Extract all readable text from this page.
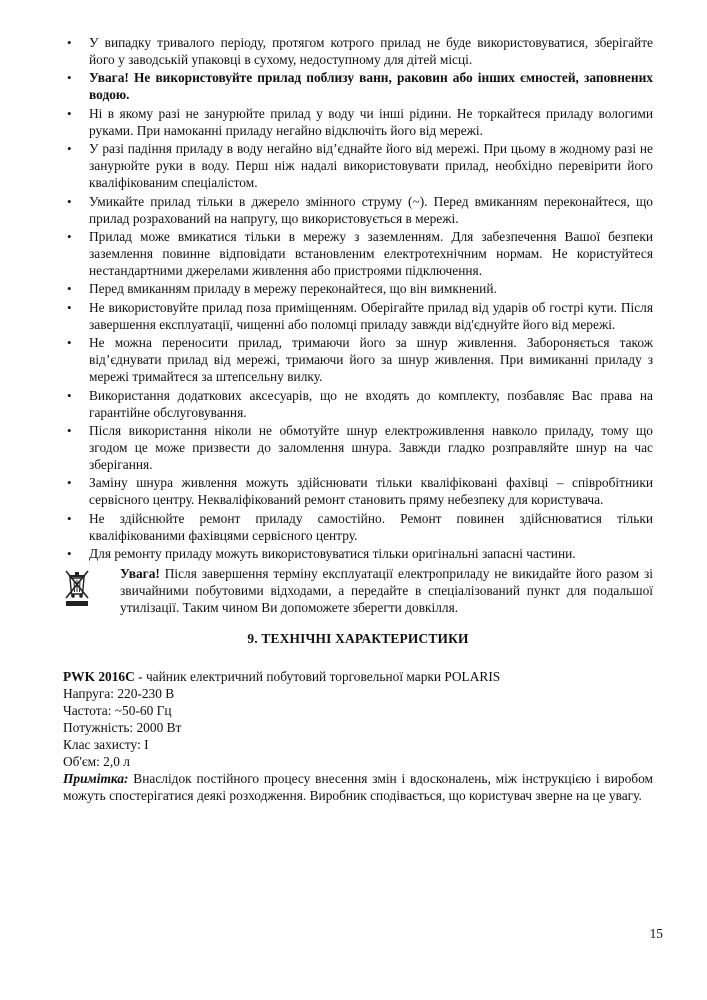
• У випадку тривалого періоду, протягом котрого прилад не буде використовуватися, зберігайте його у заводській упаковці в сухому, недоступному для дітей місці.
• Увага! Не використовуйте прилад поблизу ванн, раковин або інших ємностей, заповнених водою.
• Ні в якому разі не занурюйте прилад у воду чи інші рідини. Не торкайтеся приладу вологими руками. При намоканні приладу негайно відключіть його від мережі.
• У разі падіння приладу в воду негайно від’єднайте його від мережі. При цьому в жодному разі не занурюйте руки в воду. Перш ніж надалі використовувати прилад, необхідно перевірити його кваліфікованим спеціалістом.
• Умикайте прилад тільки в джерело змінного струму (~). Перед вмиканням переконайтеся, що прилад розрахований на напругу, що використовується в мережі.
• Прилад може вмикатися тільки в мережу з заземленням. Для забезпечення Вашої безпеки заземлення повинне відповідати встановленим електротехнічним нормам. Не користуйтеся нестандартними джерелами живлення або пристроями підключення.
• Перед вмиканням приладу в мережу переконайтеся, що він вимкнений.
• Не використовуйте прилад поза приміщенням. Оберігайте прилад від ударів об гострі кути. Після завершення експлуатації, чищенні або поломці приладу завжди від'єднуйте його від мережі.
• Не можна переносити прилад, тримаючи його за шнур живлення. Забороняється також від’єднувати прилад від мережі, тримаючи його за шнур живлення. При вимиканні приладу з мережі тримайтеся за штепсельну вилку.
• Використання додаткових аксесуарів, що не входять до комплекту, позбавляє Вас права на гарантійне обслуговування.
• Після використання ніколи не обмотуйте шнур електроживлення навколо приладу, тому що згодом це може призвести до заломлення шнура. Завжди гладко розправляйте шнур на час зберігання.
• Заміну шнура живлення можуть здійснювати тільки кваліфіковані фахівці – співробітники сервісного центру. Некваліфікований ремонт становить пряму небезпеку для користувача.
• Не здійснюйте ремонт приладу самостійно. Ремонт повинен здійснюватися тільки кваліфікованими фахівцями сервісного центру.
• Для ремонту приладу можуть використовуватися тільки оригінальні запасні частини.
Увага! Після завершення терміну експлуатації електроприладу не викидайте його разом зі звичайними побутовими відходами, а передайте в спеціалізований пункт для подальшої утилізації. Таким чином Ви допоможете зберегти довкілля.
9. ТЕХНІЧНІ ХАРАКТЕРИСТИКИ

PWK 2016C - чайник електричний побутовий торговельної марки POLARIS

Напруга: 220-230 В

Частота: ~50-60 Гц

Потужність: 2000 Вт

Клас захисту: I

Об'єм: 2,0 л

Примітка: Внаслідок постійного процесу внесення змін і вдосконалень, між інструкцією і виробом можуть спостерігатися деякі розходження. Виробник сподівається, що користувач зверне на це увагу.

15
